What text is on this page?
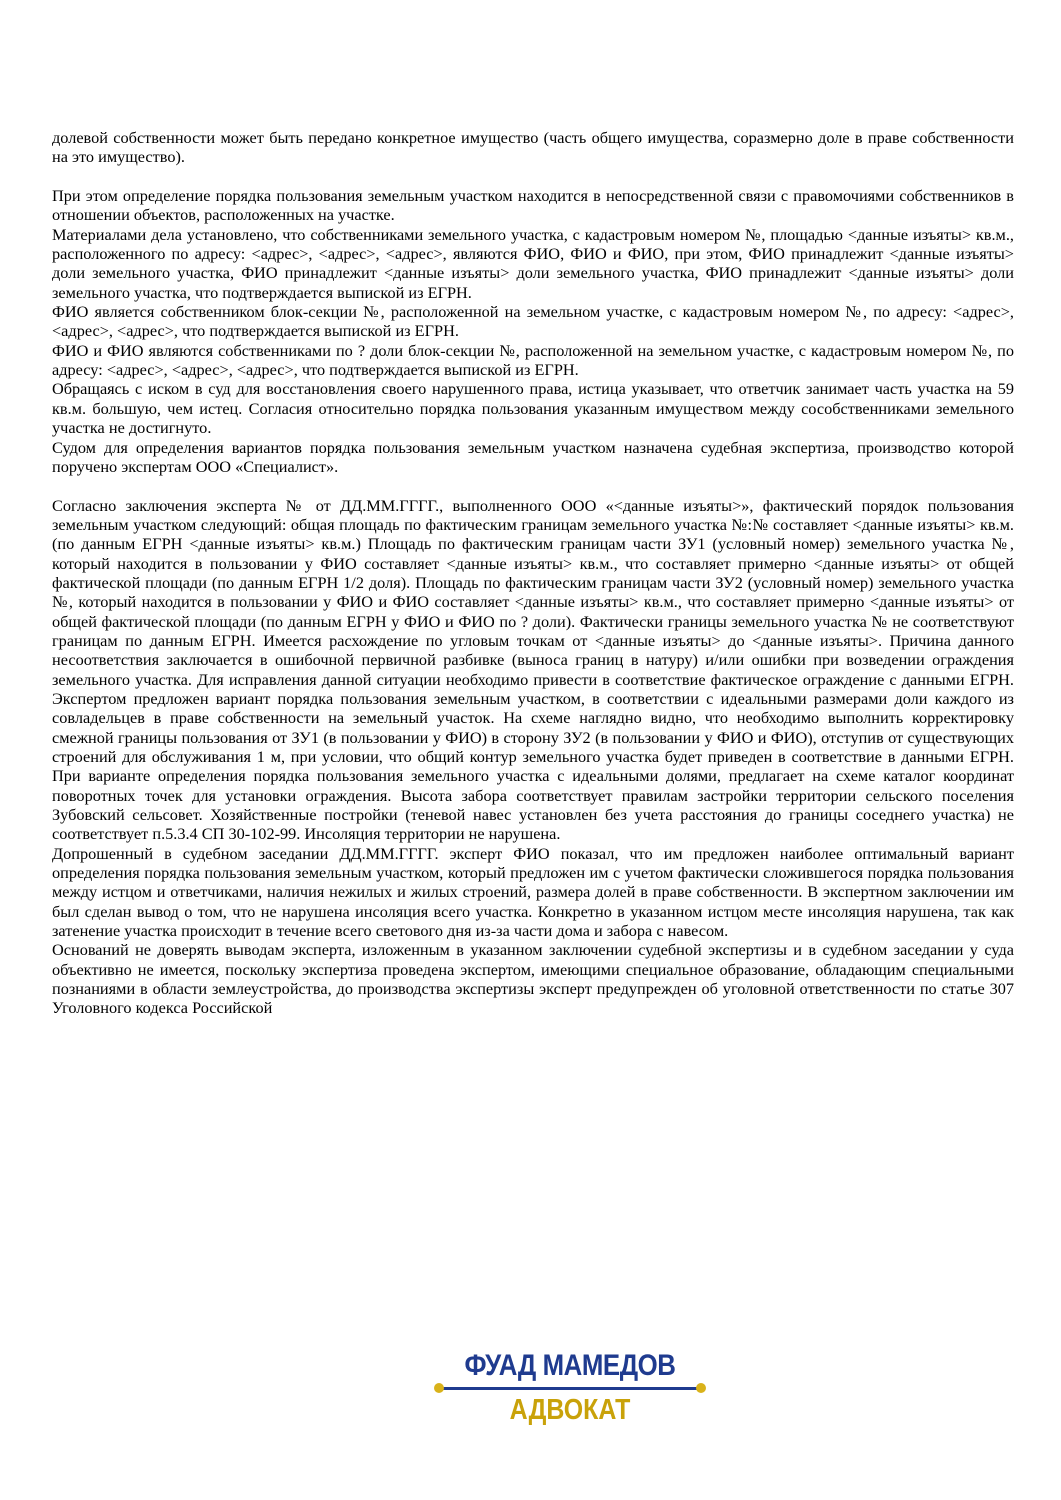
долевой собственности может быть передано конкретное имущество (часть общего имущества, соразмерно доле в праве собственности на это имущество).

При этом определение порядка пользования земельным участком находится в непосредственной связи с правомочиями собственников в отношении объектов, расположенных на участке.

Материалами дела установлено, что собственниками земельного участка, с кадастровым номером №, площадью <данные изъяты> кв.м., расположенного по адресу: <адрес>, <адрес>, <адрес>, являются ФИО, ФИО и ФИО, при этом, ФИО принадлежит <данные изъяты> доли земельного участка, ФИО принадлежит <данные изъяты> доли земельного участка, ФИО принадлежит <данные изъяты> доли земельного участка, что подтверждается выпиской из ЕГРН.

ФИО является собственником блок-секции №, расположенной на земельном участке, с кадастровым номером №, по адресу: <адрес>, <адрес>, <адрес>, что подтверждается выпиской из ЕГРН.

ФИО и ФИО являются собственниками по ? доли блок-секции №, расположенной на земельном участке, с кадастровым номером №, по адресу: <адрес>, <адрес>, <адрес>, что подтверждается выпиской из ЕГРН.

Обращаясь с иском в суд для восстановления своего нарушенного права, истица указывает, что ответчик занимает часть участка на 59 кв.м. большую, чем истец. Согласия относительно порядка пользования указанным имуществом между сособственниками земельного участка не достигнуто.

Судом для определения вариантов порядка пользования земельным участком назначена судебная экспертиза, производство которой поручено экспертам ООО «Специалист».

Согласно заключения эксперта № от ДД.ММ.ГГГГ., выполненного ООО «<данные изъяты>», фактический порядок пользования земельным участком следующий: общая площадь по фактическим границам земельного участка №:№ составляет <данные изъяты> кв.м. (по данным ЕГРН <данные изъяты> кв.м.) Площадь по фактическим границам части ЗУ1 (условный номер) земельного участка №, который находится в пользовании у ФИО составляет <данные изъяты> кв.м., что составляет примерно <данные изъяты> от общей фактической площади (по данным ЕГРН 1/2 доля). Площадь по фактическим границам части ЗУ2 (условный номер) земельного участка №, который находится в пользовании у ФИО и ФИО составляет <данные изъяты> кв.м., что составляет примерно <данные изъяты> от общей фактической площади (по данным ЕГРН у ФИО и ФИО по ? доли). Фактически границы земельного участка № не соответствуют границам по данным ЕГРН. Имеется расхождение по угловым точкам от <данные изъяты> до <данные изъяты>. Причина данного несоответствия заключается в ошибочной первичной разбивке (выноса границ в натуру) и/или ошибки при возведении ограждения земельного участка. Для исправления данной ситуации необходимо привести в соответствие фактическое ограждение с данными ЕГРН. Экспертом предложен вариант порядка пользования земельным участком, в соответствии с идеальными размерами доли каждого из совладельцев в праве собственности на земельный участок. На схеме наглядно видно, что необходимо выполнить корректировку смежной границы пользования от ЗУ1 (в пользовании у ФИО) в сторону ЗУ2 (в пользовании у ФИО и ФИО), отступив от существующих строений для обслуживания 1 м, при условии, что общий контур земельного участка будет приведен в соответствие в данными ЕГРН. При варианте определения порядка пользования земельного участка с идеальными долями, предлагает на схеме каталог координат поворотных точек для установки ограждения. Высота забора соответствует правилам застройки территории сельского поселения Зубовский сельсовет. Хозяйственные постройки (теневой навес установлен без учета расстояния до границы соседнего участка) не соответствует п.5.3.4 СП 30-102-99. Инсоляция территории не нарушена.

Допрошенный в судебном заседании ДД.ММ.ГГГГ. эксперт ФИО показал, что им предложен наиболее оптимальный вариант определения порядка пользования земельным участком, который предложен им с учетом фактически сложившегося порядка пользования между истцом и ответчиками, наличия нежилых и жилых строений, размера долей в праве собственности. В экспертном заключении им был сделан вывод о том, что не нарушена инсоляция всего участка. Конкретно в указанном истцом месте инсоляция нарушена, так как затенение участка происходит в течение всего светового дня из-за части дома и забора с навесом.

Оснований не доверять выводам эксперта, изложенным в указанном заключении судебной экспертизы и в судебном заседании у суда объективно не имеется, поскольку экспертиза проведена экспертом, имеющими специальное образование, обладающим специальными познаниями в области землеустройства, до производства экспертизы эксперт предупрежден об уголовной ответственности по статье 307 Уголовного кодекса Российской

ФУАД МАМЕДОВ
АДВОКАТ
